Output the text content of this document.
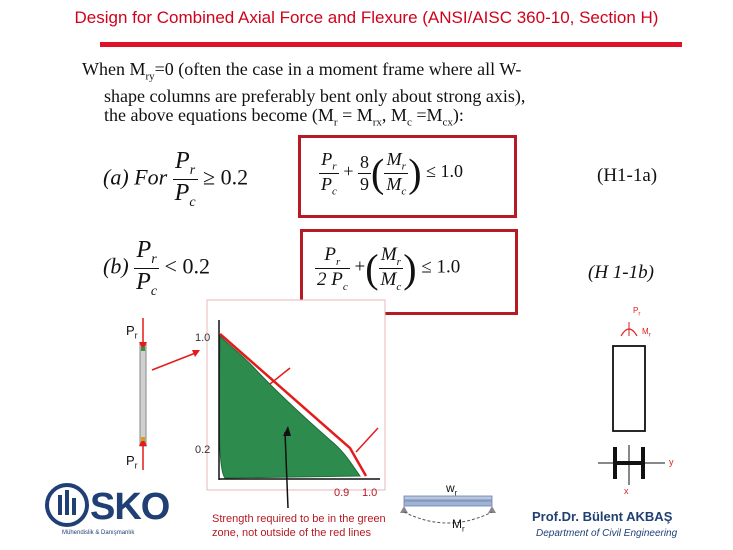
Design for Combined Axial Force and Flexure (ANSI/AISC 360-10, Section H)
When $M_{ry}=0$ (often the case in a moment frame where all W-
shape columns are preferably bent only about strong axis),
the above equations become ($M_r = M_{rx}$, $M_c =M_{cx}$):
(a) For $\frac{P_r}{P_c} \ge 0.2$	$\frac{P_r}{P_c} + \frac{8}{9}$ ( $\frac{M_r}{M_c}$ ) ≤ 1.0	(H1-1a)
$(b) \frac{P_r}{P_c} < 0.2$	$\frac{P_r}{2 P_c}$ +( $\frac{M_r}{M_c}$ ) ≤ 1.0	(H 1-1b)
$P_r$
$P_r$
1.0
0.2
0.9 1.0
Strength required to be in the green
zone, not outside of the red lines
$w_r$
$M_r$
$P_r$
$M_r$
y
x
SKO
Mühendislik & Danışmanlık
Prof.Dr. Bülent AKBAŞ
Department of Civil Engineering
